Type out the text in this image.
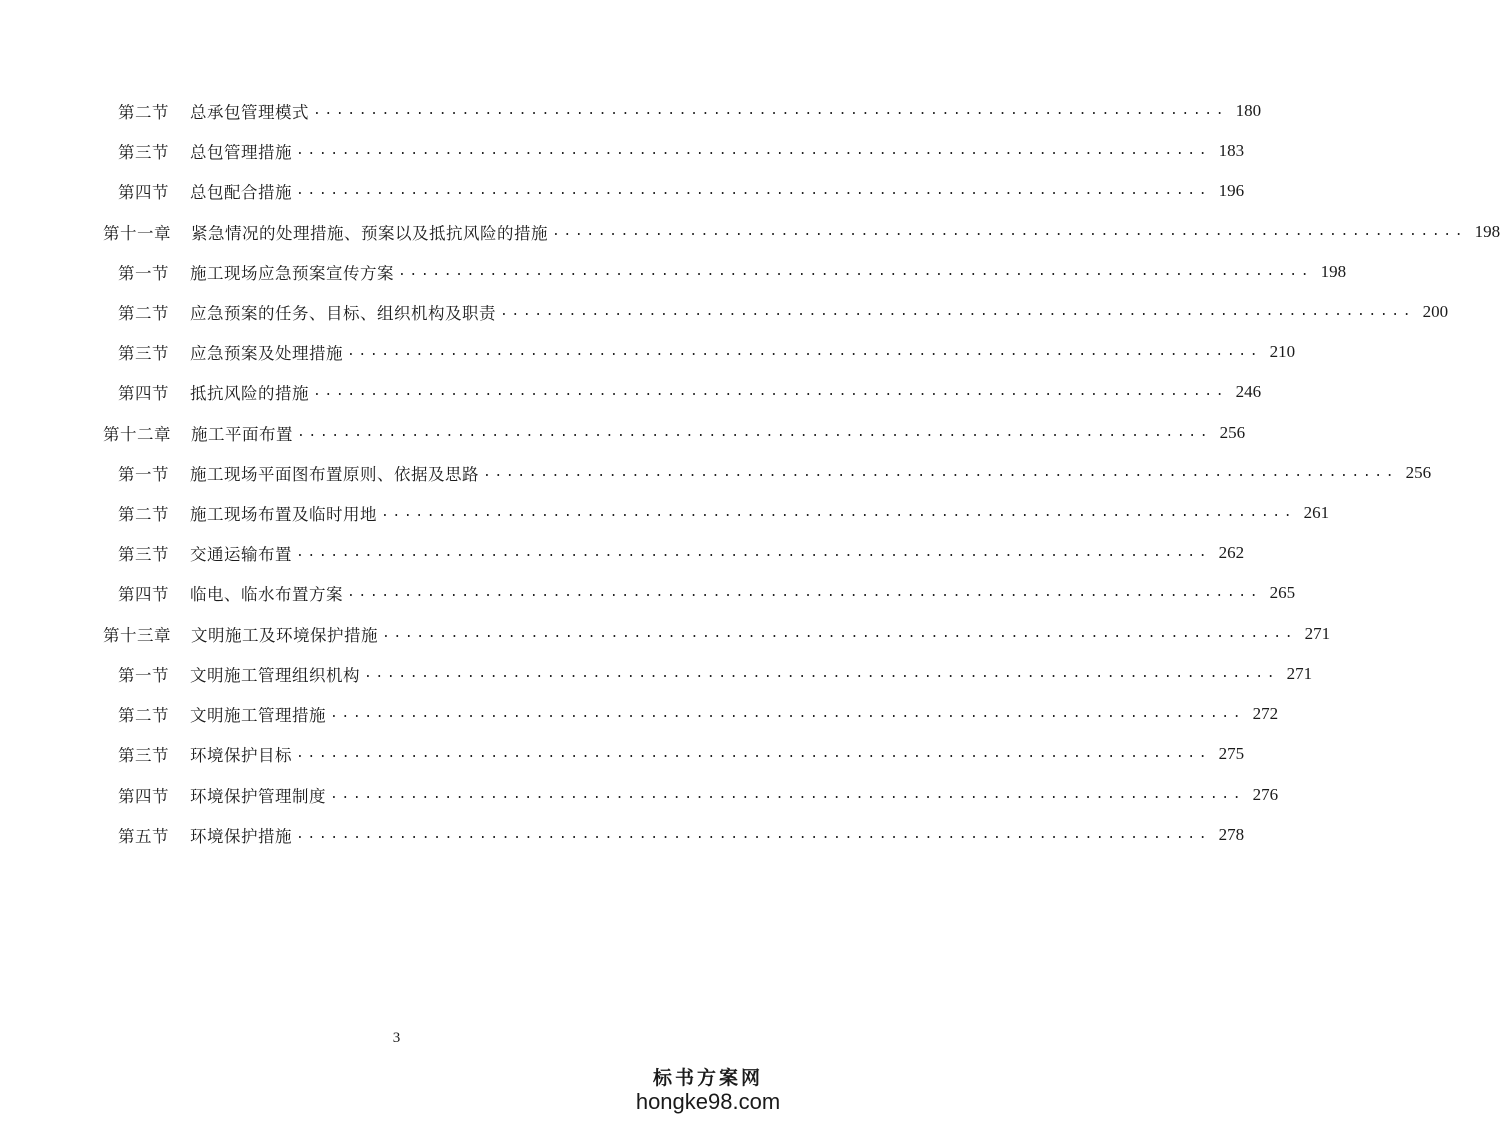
第二节	总承包管理模式 ................................................................................ 180
第三节	总包管理措施 ................................................................................ 183
第四节	总包配合措施 ................................................................................ 196
第十一章	紧急情况的处理措施、预案以及抵抗风险的措施 ................................................................................ 198
第一节	施工现场应急预案宣传方案 ................................................................................ 198
第二节	应急预案的任务、目标、组织机构及职责 ................................................................................ 200
第三节	应急预案及处理措施 ................................................................................ 210
第四节	抵抗风险的措施 ................................................................................ 246
第十二章	施工平面布置 ................................................................................ 256
第一节	施工现场平面图布置原则、依据及思路 ................................................................................ 256
第二节	施工现场布置及临时用地 ................................................................................ 261
第三节	交通运输布置 ................................................................................ 262
第四节	临电、临水布置方案 ................................................................................ 265
第十三章	文明施工及环境保护措施 ................................................................................ 271
第一节	文明施工管理组织机构 ................................................................................ 271
第二节	文明施工管理措施 ................................................................................ 272
第三节	环境保护目标 ................................................................................ 275
第四节	环境保护管理制度 ................................................................................ 276
第五节	环境保护措施 ................................................................................ 278
3
标书方案网
hongke98.com
